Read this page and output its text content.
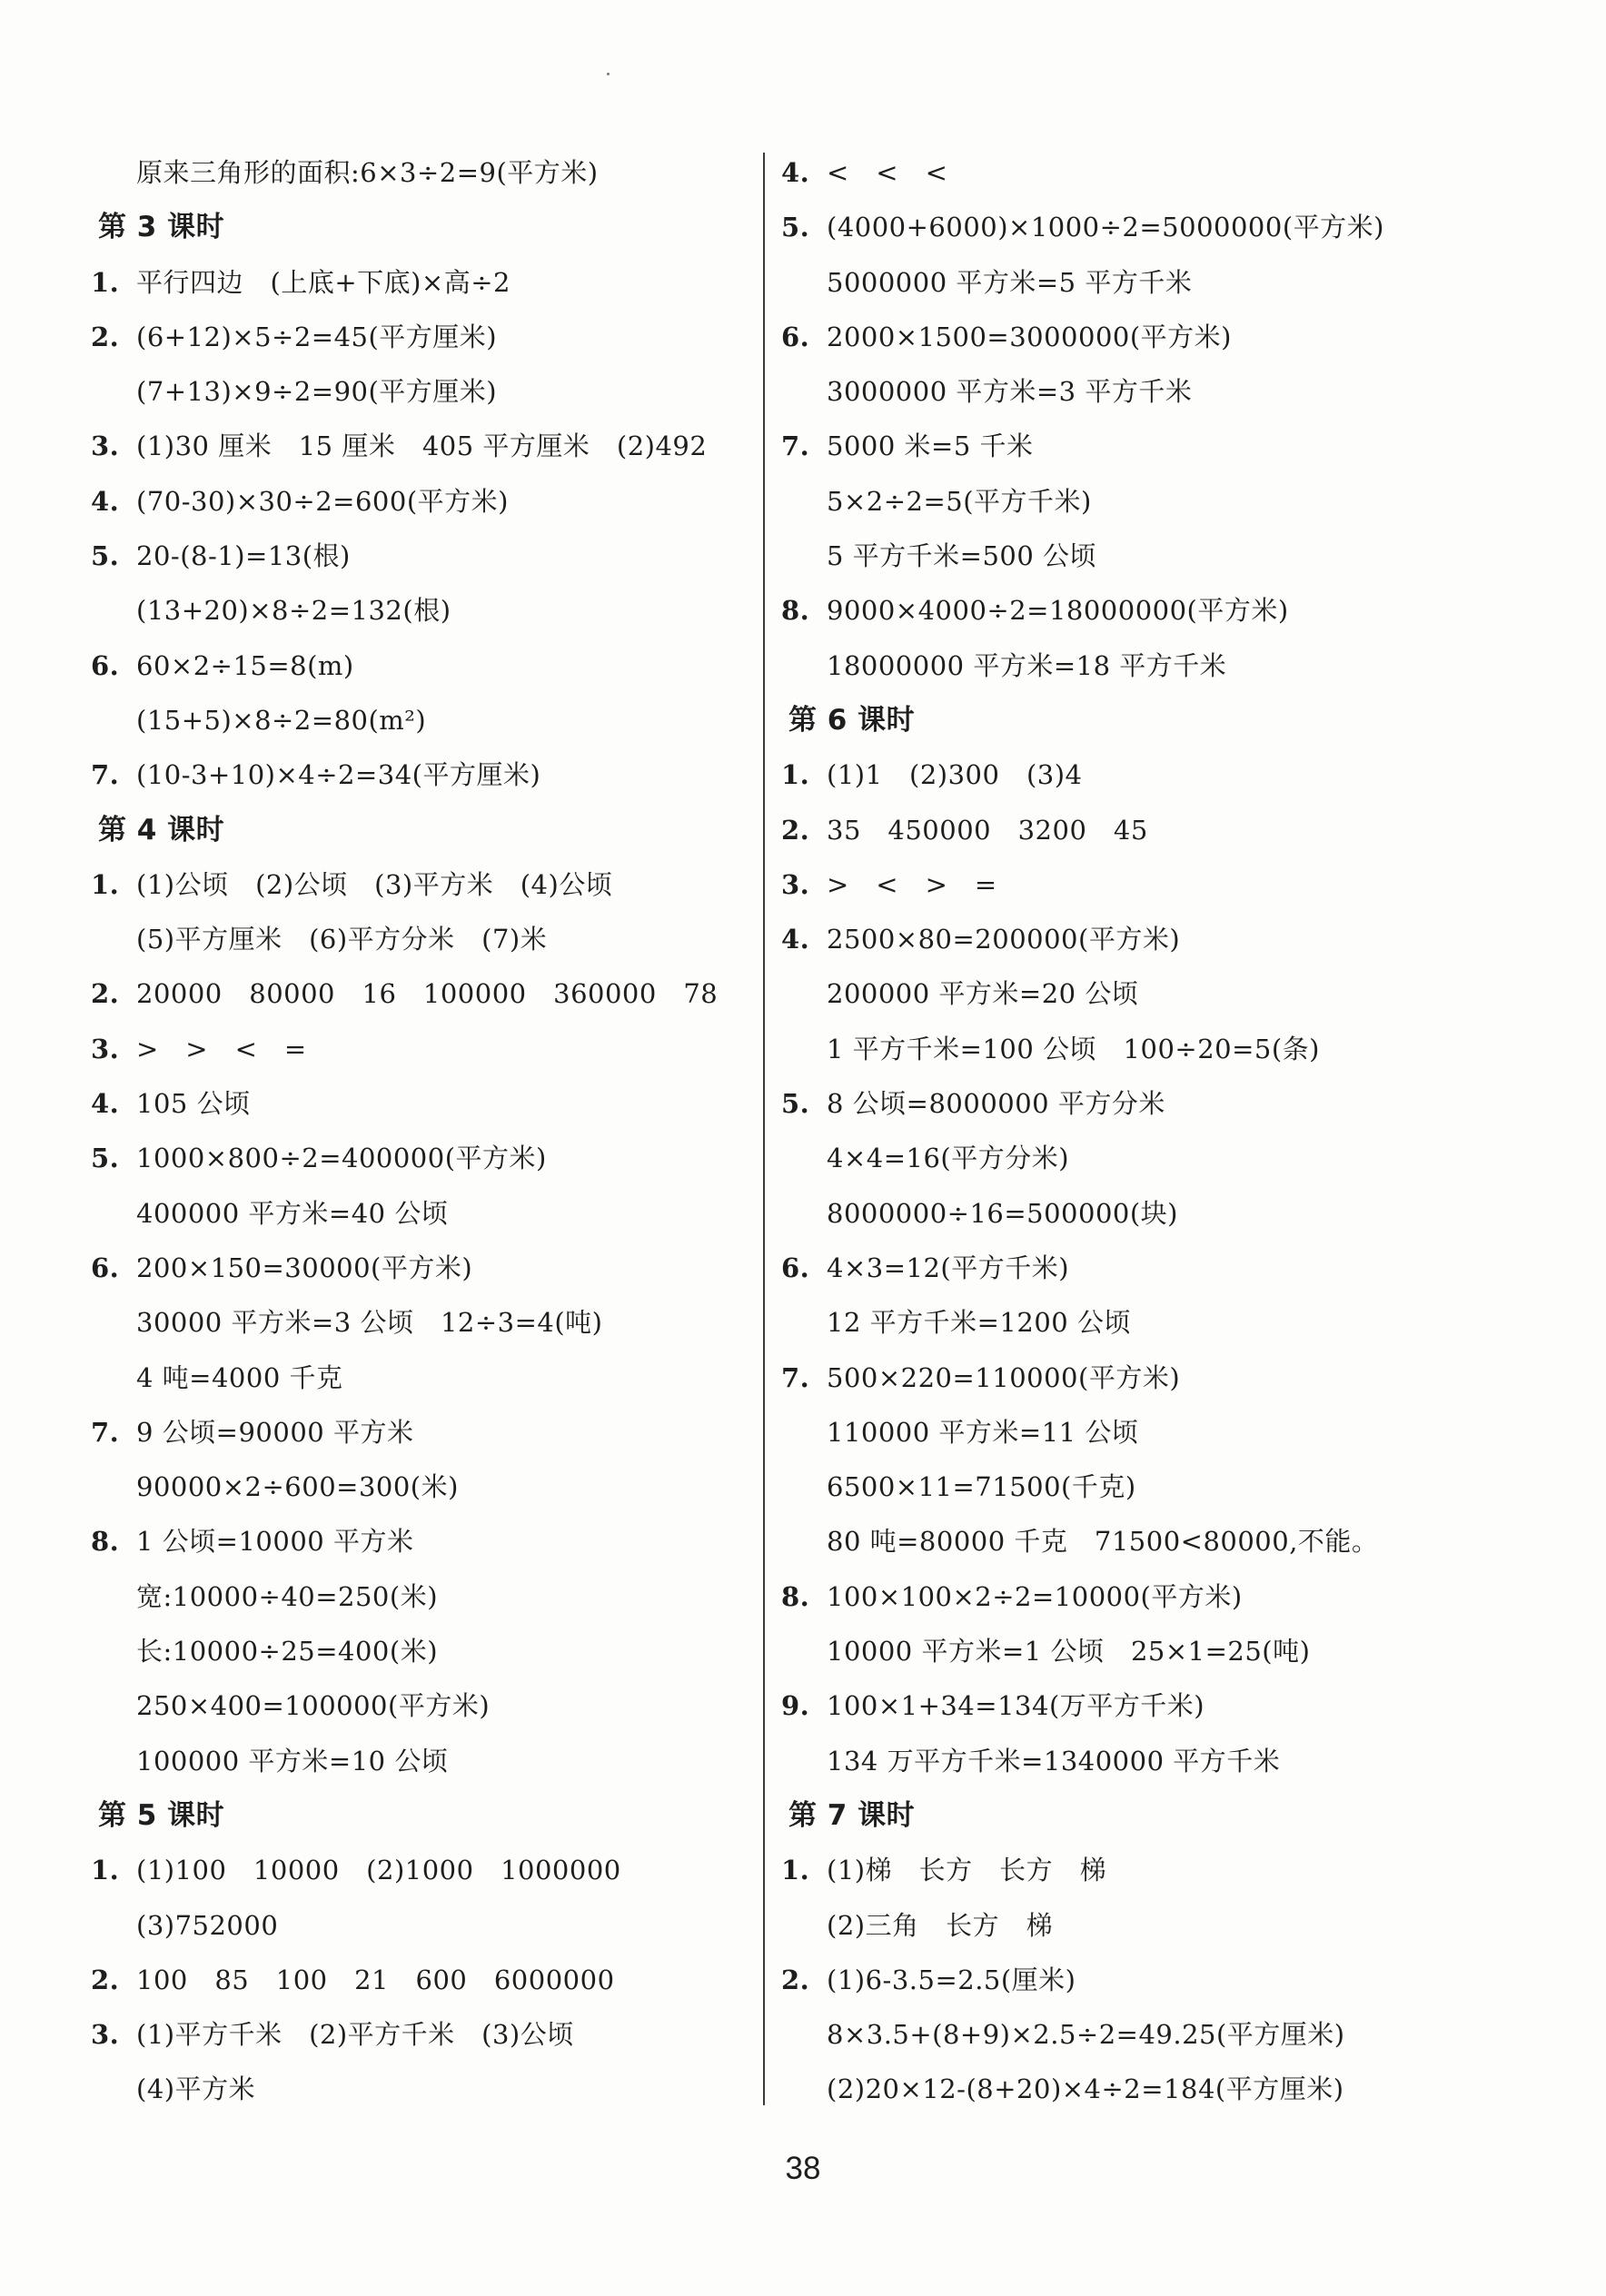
原来三角形的面积:6×3÷2=9(平方米)
第 3 课时
1. 平行四边　(上底+下底)×高÷2
2. (6+12)×5÷2=45(平方厘米)
(7+13)×9÷2=90(平方厘米)
3. (1)30 厘米　15 厘米　405 平方厘米　(2)492
4. (70-30)×30÷2=600(平方米)
5. 20-(8-1)=13(根)
(13+20)×8÷2=132(根)
6. 60×2÷15=8(m)
(15+5)×8÷2=80(m²)
7. (10-3+10)×4÷2=34(平方厘米)
第 4 课时
1. (1)公顷　(2)公顷　(3)平方米　(4)公顷
(5)平方厘米　(6)平方分米　(7)米
2. 20000　80000　16　100000　360000　78
3. >　>　<　=
4. 105 公顷
5. 1000×800÷2=400000(平方米)
400000 平方米=40 公顷
6. 200×150=30000(平方米)
30000 平方米=3 公顷　12÷3=4(吨)
4 吨=4000 千克
7. 9 公顷=90000 平方米
90000×2÷600=300(米)
8. 1 公顷=10000 平方米
宽:10000÷40=250(米)
长:10000÷25=400(米)
250×400=100000(平方米)
100000 平方米=10 公顷
第 5 课时
1. (1)100　10000　(2)1000　1000000
(3)752000
2. 100　85　100　21　600　6000000
3. (1)平方千米　(2)平方千米　(3)公顷
(4)平方米
4. <　<　<
5. (4000+6000)×1000÷2=5000000(平方米)
5000000 平方米=5 平方千米
6. 2000×1500=3000000(平方米)
3000000 平方米=3 平方千米
7. 5000 米=5 千米
5×2÷2=5(平方千米)
5 平方千米=500 公顷
8. 9000×4000÷2=18000000(平方米)
18000000 平方米=18 平方千米
第 6 课时
1. (1)1　(2)300　(3)4
2. 35　450000　3200　45
3. >　<　>　=
4. 2500×80=200000(平方米)
200000 平方米=20 公顷
1 平方千米=100 公顷　100÷20=5(条)
5. 8 公顷=8000000 平方分米
4×4=16(平方分米)
8000000÷16=500000(块)
6. 4×3=12(平方千米)
12 平方千米=1200 公顷
7. 500×220=110000(平方米)
110000 平方米=11 公顷
6500×11=71500(千克)
80 吨=80000 千克　71500<80000,不能。
8. 100×100×2÷2=10000(平方米)
10000 平方米=1 公顷　25×1=25(吨)
9. 100×1+34=134(万平方千米)
134 万平方千米=1340000 平方千米
第 7 课时
1. (1)梯　长方　长方　梯
(2)三角　长方　梯
2. (1)6-3.5=2.5(厘米)
8×3.5+(8+9)×2.5÷2=49.25(平方厘米)
(2)20×12-(8+20)×4÷2=184(平方厘米)
38
